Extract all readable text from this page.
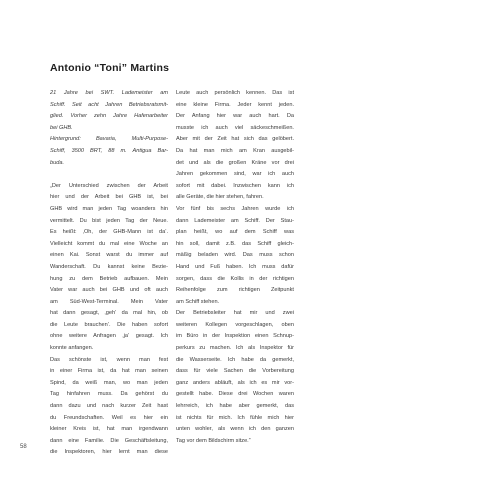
Antonio “Toni” Martins
21 Jahre bei SWT. Lademeister am
Schiff. Seit acht Jahren Betriebsratsmit-
glied. Vorher zehn Jahre Hafenarbeiter
bei GHB.
Hintergrund: Bavaria, Multi-Purpose-
Schiff, 3500 BRT, 88 m. Antigua Bar-
buda.
„Der Unterschied zwischen der Arbeit
hier und der Arbeit bei GHB ist, bei
GHB wird man jeden Tag woanders hin
vermittelt. Du bist jeden Tag der Neue.
Es heißt: ‚Oh, der GHB-Mann ist da‘.
Vielleicht kommt du mal eine Woche an
einen Kai. Sonst warst du immer auf
Wanderschaft. Du kannst keine Bezie-
hung zu dem Betrieb aufbauen. Mein
Vater war auch bei GHB und oft auch
am Süd-West-Terminal. Mein Vater
hat dann gesagt, ‚geh‘ da mal hin, ob
die Leute brauchen‘. Die haben sofort
ohne weitere Anfragen ‚ja‘ gesagt. Ich
konnte anfangen.
Das schönste ist, wenn man fest
in einer Firma ist, da hat man seinen
Spind, da weiß man, wo man jeden
Tag hinfahren muss. Da gehörst du
dann dazu und nach kurzer Zeit hast
du Freundschaften. Weil es hier ein
kleiner Kreis ist, hat man irgendwann
dann eine Familie. Die Geschäftsleitung,
die Inspektoren, hier lernt man diese
Leute auch persönlich kennen. Das ist
eine kleine Firma. Jeder kennt jeden.
Der Anfang hier war auch hart. Da
musste ich auch viel säckeschmeißen.
Aber mit der Zeit hat sich das gelöbert.
Da hat man mich am Kran ausgebil-
det und als die großen Kräne vor drei
Jahren gekommen sind, war ich auch
sofort mit dabei. Inzwischen kann ich
alle Geräte, die hier stehen, fahren.
Vor fünf bis sechs Jahren wurde ich
dann Lademeister am Schiff. Der Stau-
plan heißt, wo auf dem Schiff was
hin soll, damit z.B. das Schiff gleich-
mäßig beladen wird. Das muss schon
Hand und Fuß haben. Ich muss dafür
sorgen, dass die Kollis in der richtigen
Reihenfolge zum richtigen Zeitpunkt
am Schiff stehen.
Der Betriebsleiter hat mir und zwei
weiteren Kollegen vorgeschlagen, oben
im Büro in der Inspektion einen Schnup-
perkurs zu machen. Ich als Inspektor für
die Wasserseite. Ich habe da gemerkt,
dass für viele Sachen die Vorbereitung
ganz anders abläuft, als ich es mir vor-
gestellt habe. Diese drei Wochen waren
lehrreich, ich habe aber gemerkt, das
ist nichts für mich. Ich fühle mich hier
unten wohler, als wenn ich den ganzen
Tag vor dem Bildschirm sitze.“
58
